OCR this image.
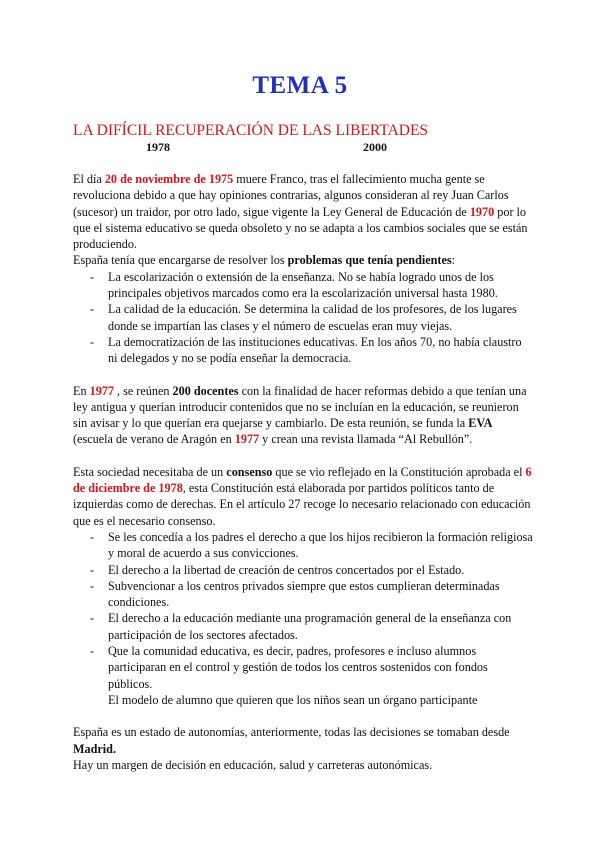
TEMA 5
LA DIFÍCIL RECUPERACIÓN DE LAS LIBERTADES
1978	2000

El día 20 de noviembre de 1975 muere Franco, tras el fallecimiento mucha gente se revoluciona debido a que hay opiniones contrarias, algunos consideran al rey Juan Carlos (sucesor) un traidor, por otro lado, sigue vigente la Ley General de Educación de 1970 por lo que el sistema educativo se queda obsoleto y no se adapta a los cambios sociales que se están produciendo.

España tenía que encargarse de resolver los problemas que tenía pendientes:

- La escolarización o extensión de la enseñanza. No se había logrado unos de los principales objetivos marcados como era la escolarización universal hasta 1980.
- La calidad de la educación. Se determina la calidad de los profesores, de los lugares donde se impartían las clases y el número de escuelas eran muy viejas.
- La democratización de las instituciones educativas. En los años 70, no había claustro ni delegados y no se podía enseñar la democracia.

En 1977 , se reúnen 200 docentes con la finalidad de hacer reformas debido a que tenían una ley antigua y querían introducir contenidos que no se incluían en la educación, se reunieron sin avisar y lo que querían era quejarse y cambiarlo. De esta reunión, se funda la EVA (escuela de verano de Aragón en 1977 y crean una revista llamada “Al Rebullón”.

Esta sociedad necesitaba de un consenso que se vio reflejado en la Constitución aprobada el 6 de diciembre de 1978, esta Constitución está elaborada por partidos políticos tanto de izquierdas como de derechas. En el artículo 27 recoge lo necesario relacionado con educación que es el necesario consenso.

- Se les concedía a los padres el derecho a que los hijos recibieron la formación religiosa y moral de acuerdo a sus convicciones.
- El derecho a la libertad de creación de centros concertados por el Estado.
- Subvencionar a los centros privados siempre que estos cumplieran determinadas condiciones.
- El derecho a la educación mediante una programación general de la enseñanza con participación de los sectores afectados.
- Que la comunidad educativa, es decir, padres, profesores e incluso alumnos participaran en el control y gestión de todos los centros sostenidos con fondos públicos.
El modelo de alumno que quieren que los niños sean un órgano participante

España es un estado de autonomías, anteriormente, todas las decisiones se tomaban desde Madrid.

Hay un margen de decisión en educación, salud y carreteras autonómicas.
